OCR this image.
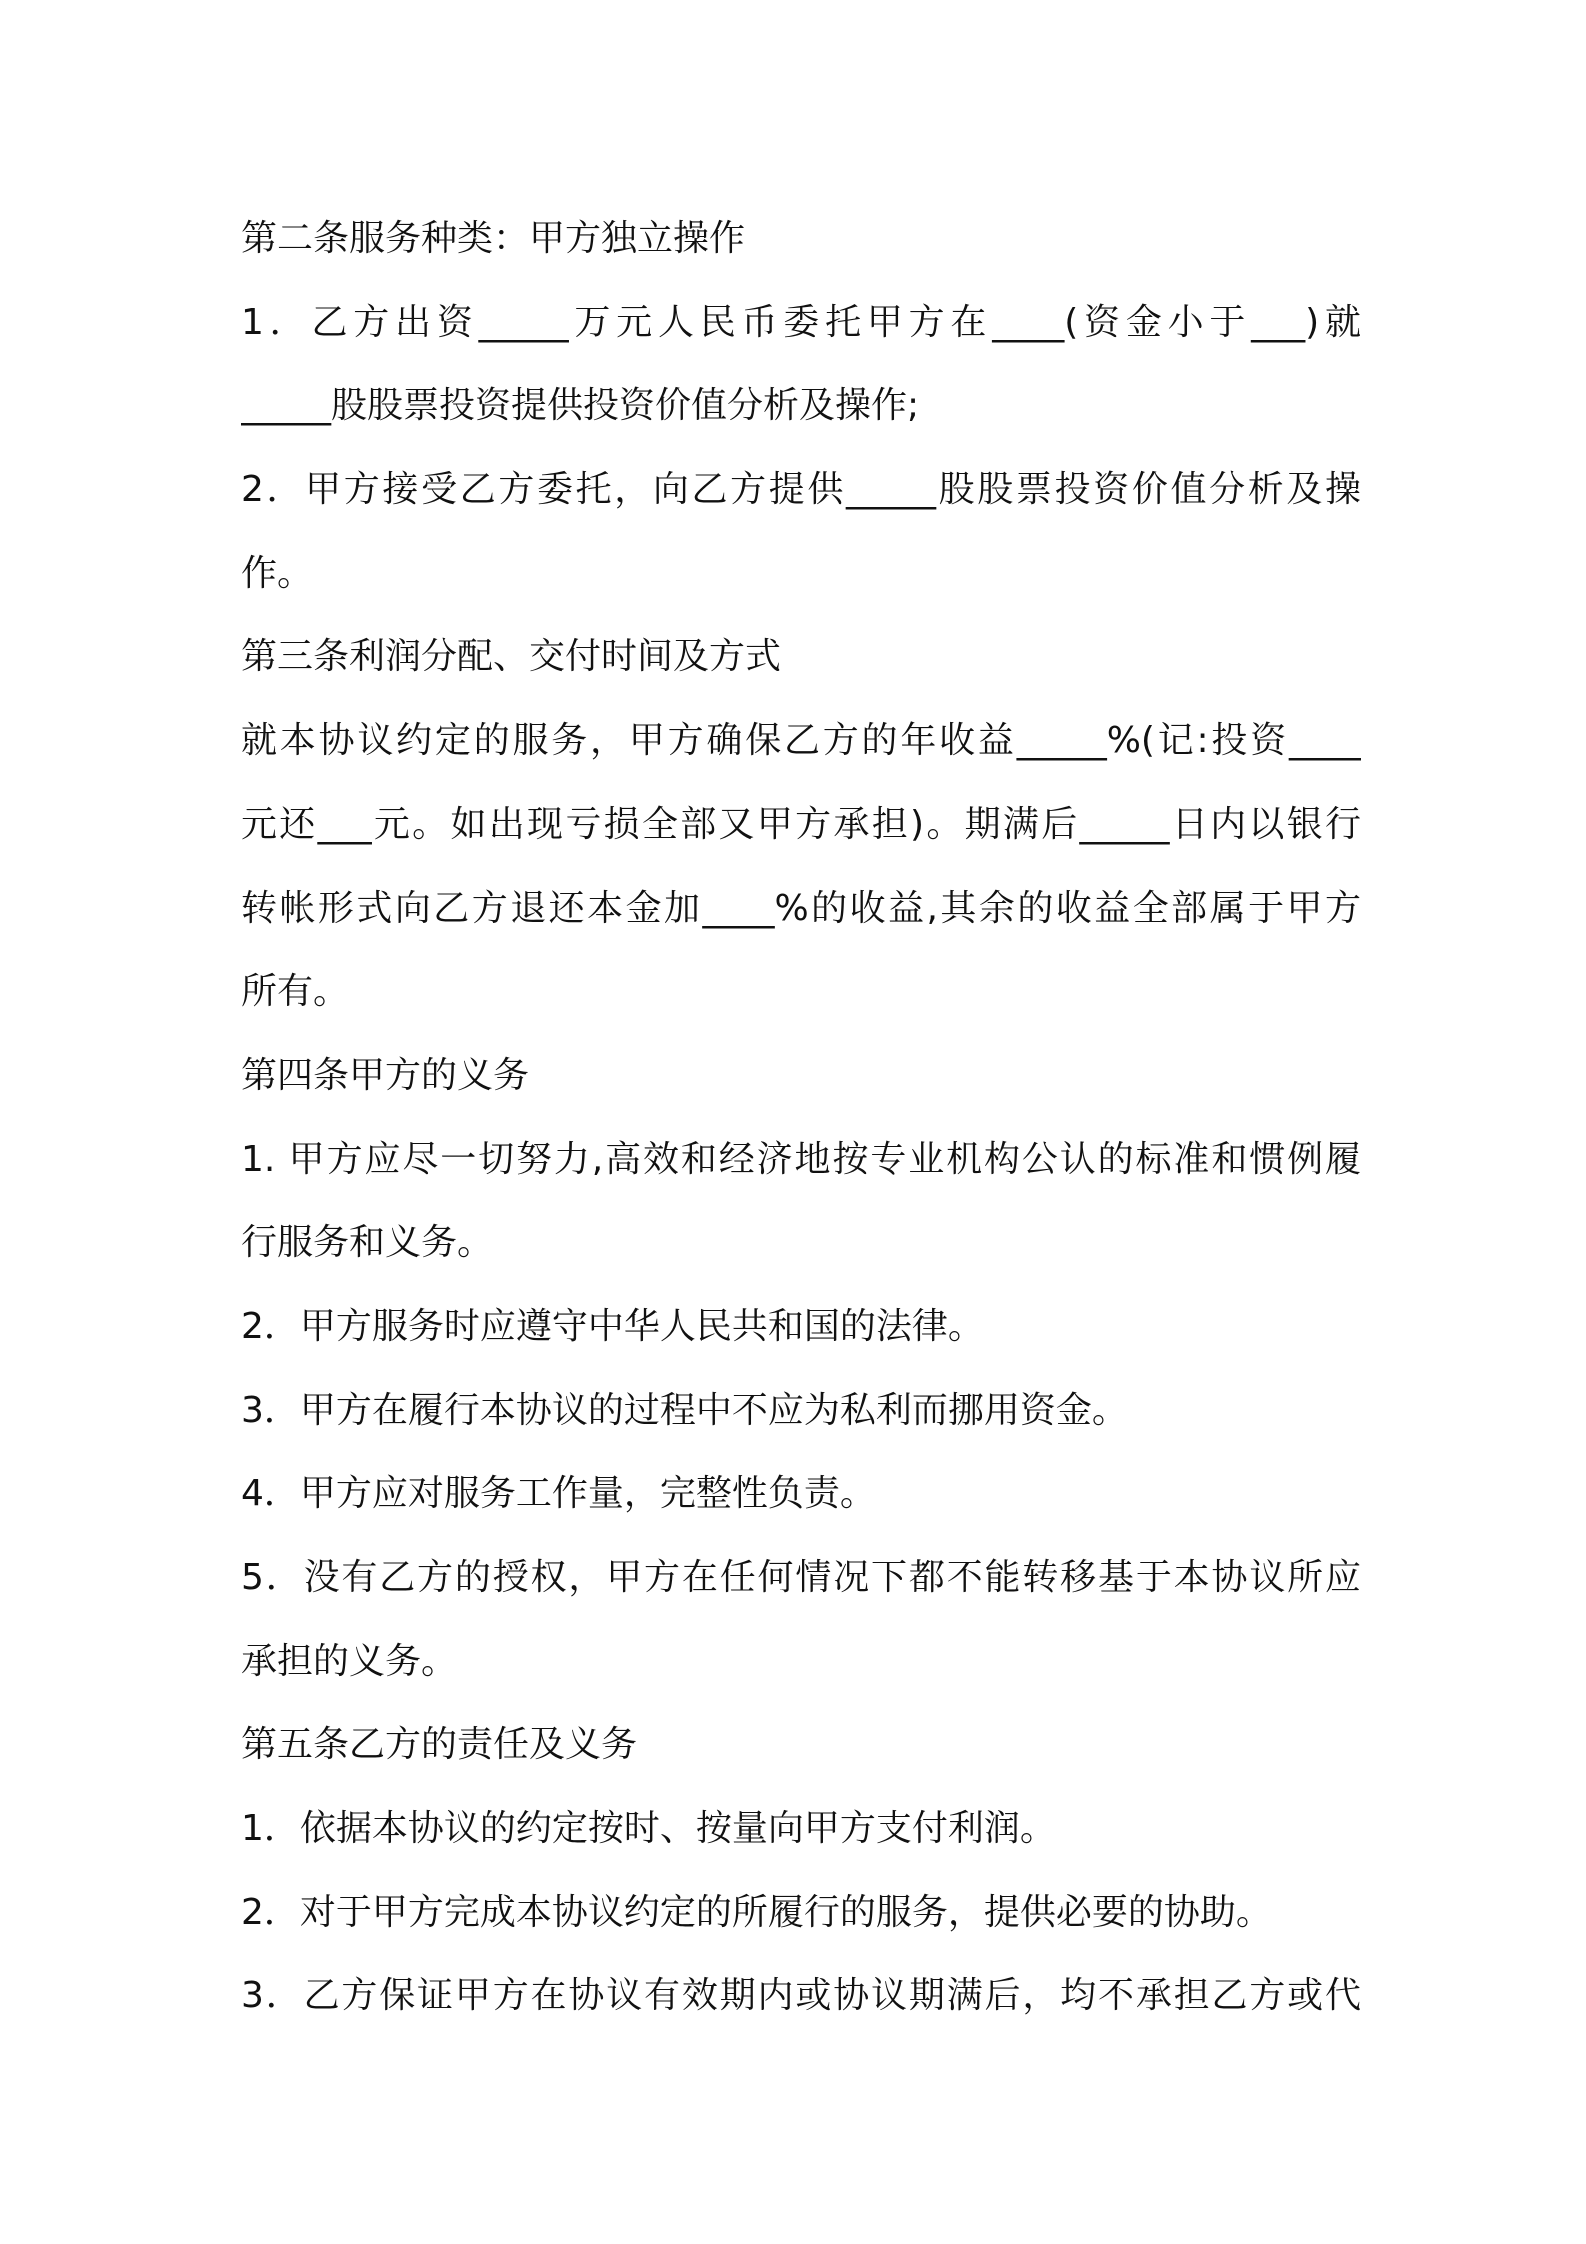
第二条服务种类：甲方独立操作
1．乙方出资_____万元人民币委托甲方在____(资金小于___)就
_____股股票投资提供投资价值分析及操作;
2．甲方接受乙方委托，向乙方提供_____股股票投资价值分析及操
作。
第三条利润分配、交付时间及方式
就本协议约定的服务，甲方确保乙方的年收益_____%(记:投资____
元还___元。如出现亏损全部又甲方承担)。期满后_____日内以银行
转帐形式向乙方退还本金加____%的收益,其余的收益全部属于甲方
所有。
第四条甲方的义务
1. 甲方应尽一切努力,高效和经济地按专业机构公认的标准和惯例履
行服务和义务。
2．甲方服务时应遵守中华人民共和国的法律。
3．甲方在履行本协议的过程中不应为私利而挪用资金。
4．甲方应对服务工作量，完整性负责。
5．没有乙方的授权，甲方在任何情况下都不能转移基于本协议所应
承担的义务。
第五条乙方的责任及义务
1．依据本协议的约定按时、按量向甲方支付利润。
2．对于甲方完成本协议约定的所履行的服务，提供必要的协助。
3．乙方保证甲方在协议有效期内或协议期满后，均不承担乙方或代
